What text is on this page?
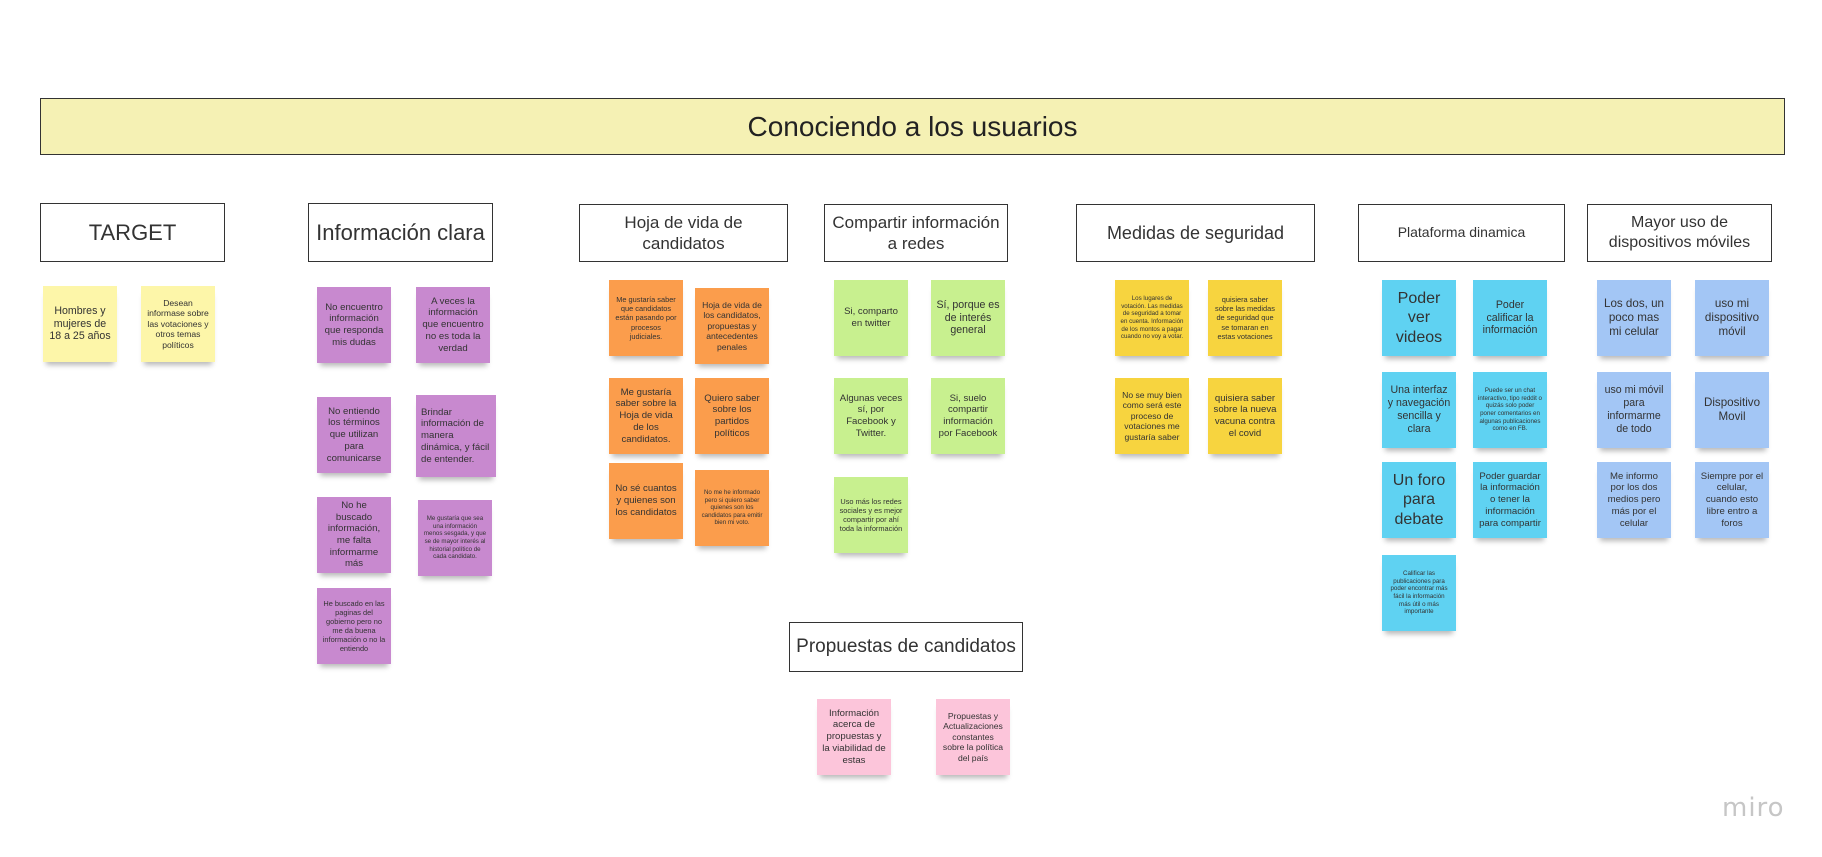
Conociendo a los usuarios
TARGET	Información clara	Hoja de vida de candidatos
Compartir información a redes
Medidas de seguridad	Plataforma dinamica
Mayor uso de dispositivos móviles
Propuestas de candidatos
Hombres y mujeres de 18 a 25 años
Desean informase sobre las votaciones y otros temas políticos
No encuentro información que responda mis dudas
A veces la información que encuentro no es toda la verdad
No entiendo los términos que utilizan para comunicarse
Brindar información de manera dinámica, y fácil de entender.
No he buscado información, me falta informarme más
Me gustaría que sea una información menos sesgada, y que se de mayor interés al historial político de cada candidato.
He buscado en las paginas del gobierno pero no me da buena información o no la entiendo
Me gustaría saber que candidatos están pasando por procesos judiciales.
Hoja de vida de los candidatos, propuestas y antecedentes penales
Me gustaría saber sobre la Hoja de vida de los candidatos.
Quiero saber sobre los partidos políticos
No sé cuantos y quienes son los candidatos
No me he informado pero si quiero saber quienes son los candidatos para emitir bien mi voto.
Si, comparto en twitter
Sí, porque es de interés general
Algunas veces sí, por Facebook y Twitter.
Si, suelo compartir información por Facebook
Uso más los redes sociales y es mejor compartir por ahí toda la información
Los lugares de votación. Las medidas de seguridad a tomar en cuenta. Información de los montos a pagar cuando no voy a votar.
quisiera saber sobre las medidas de seguridad que se tomaran en estas votaciones
No se muy bien como será este proceso de votaciones me gustaría saber
quisiera saber sobre la nueva vacuna contra el covid
Poder ver videos
Poder calificar la información
Una interfaz y navegación sencilla y clara
Puede ser un chat interactivo, tipo reddit o quizás solo poder poner comentarios en algunas publicaciones como en FB.
Un foro para debate
Poder guardar la información o tener la información para compartir
Calificar las publicaciones para poder encontrar más fácil la información más útil o más importante
Los dos, un poco mas mi celular
uso mi dispositivo móvil
uso mi móvil para informarme de todo
Dispositivo Movil
Me informo por los dos medios pero más por el celular
Siempre por el celular, cuando esto libre entro a foros
Información acerca de propuestas y la viabilidad de estas
Propuestas y Actualizaciones constantes sobre la política del país
miro
